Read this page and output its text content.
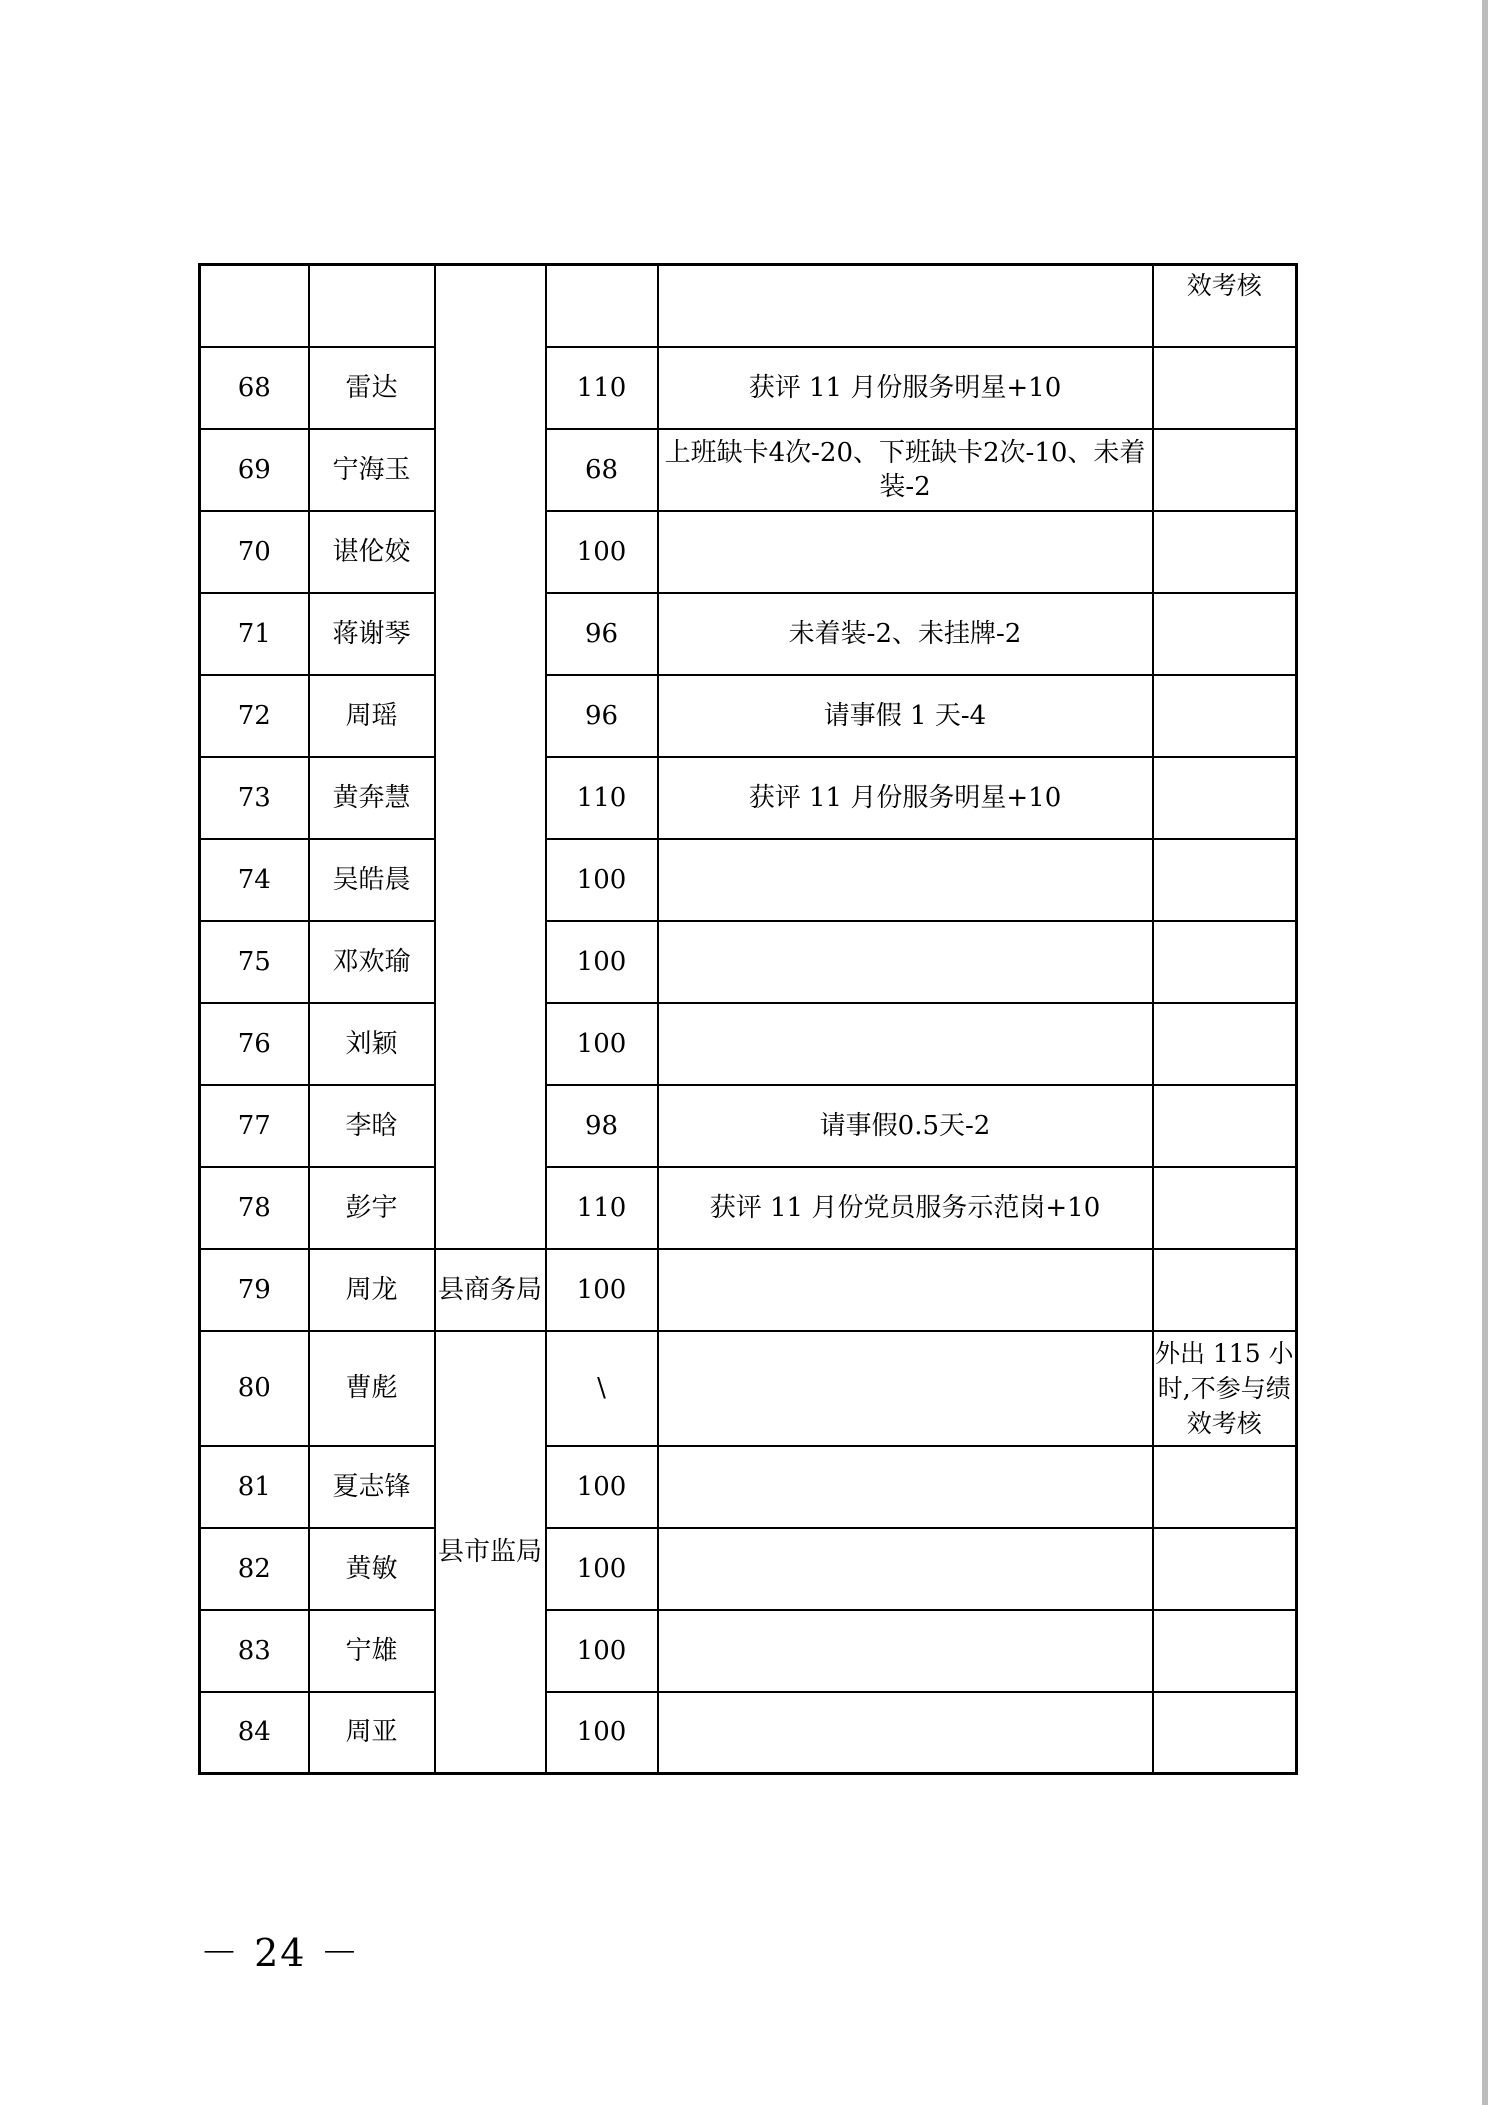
					效考核
68	雷达		110	获评 11 月份服务明星+10	
69	宁海玉		68	上班缺卡4次-20、下班缺卡2次-10、未着装-2	
70	谌伦姣		100		
71	蒋谢琴		96	未着装-2、未挂牌-2	
72	周瑶		96	请事假 1 天-4	
73	黄奔慧		110	获评 11 月份服务明星+10	
74	吴皓晨		100		
75	邓欢瑜		100		
76	刘颖		100		
77	李晗		98	请事假0.5天-2	
78	彭宇		110	获评 11 月份党员服务示范岗+10	
79	周龙	县商务局	100		
80	曹彪	县市监局	\		外出 115 小时,不参与绩效考核
81	夏志锋		100		
82	黄敏		100		
83	宁雄		100		
84	周亚		100		
－ 24 －
